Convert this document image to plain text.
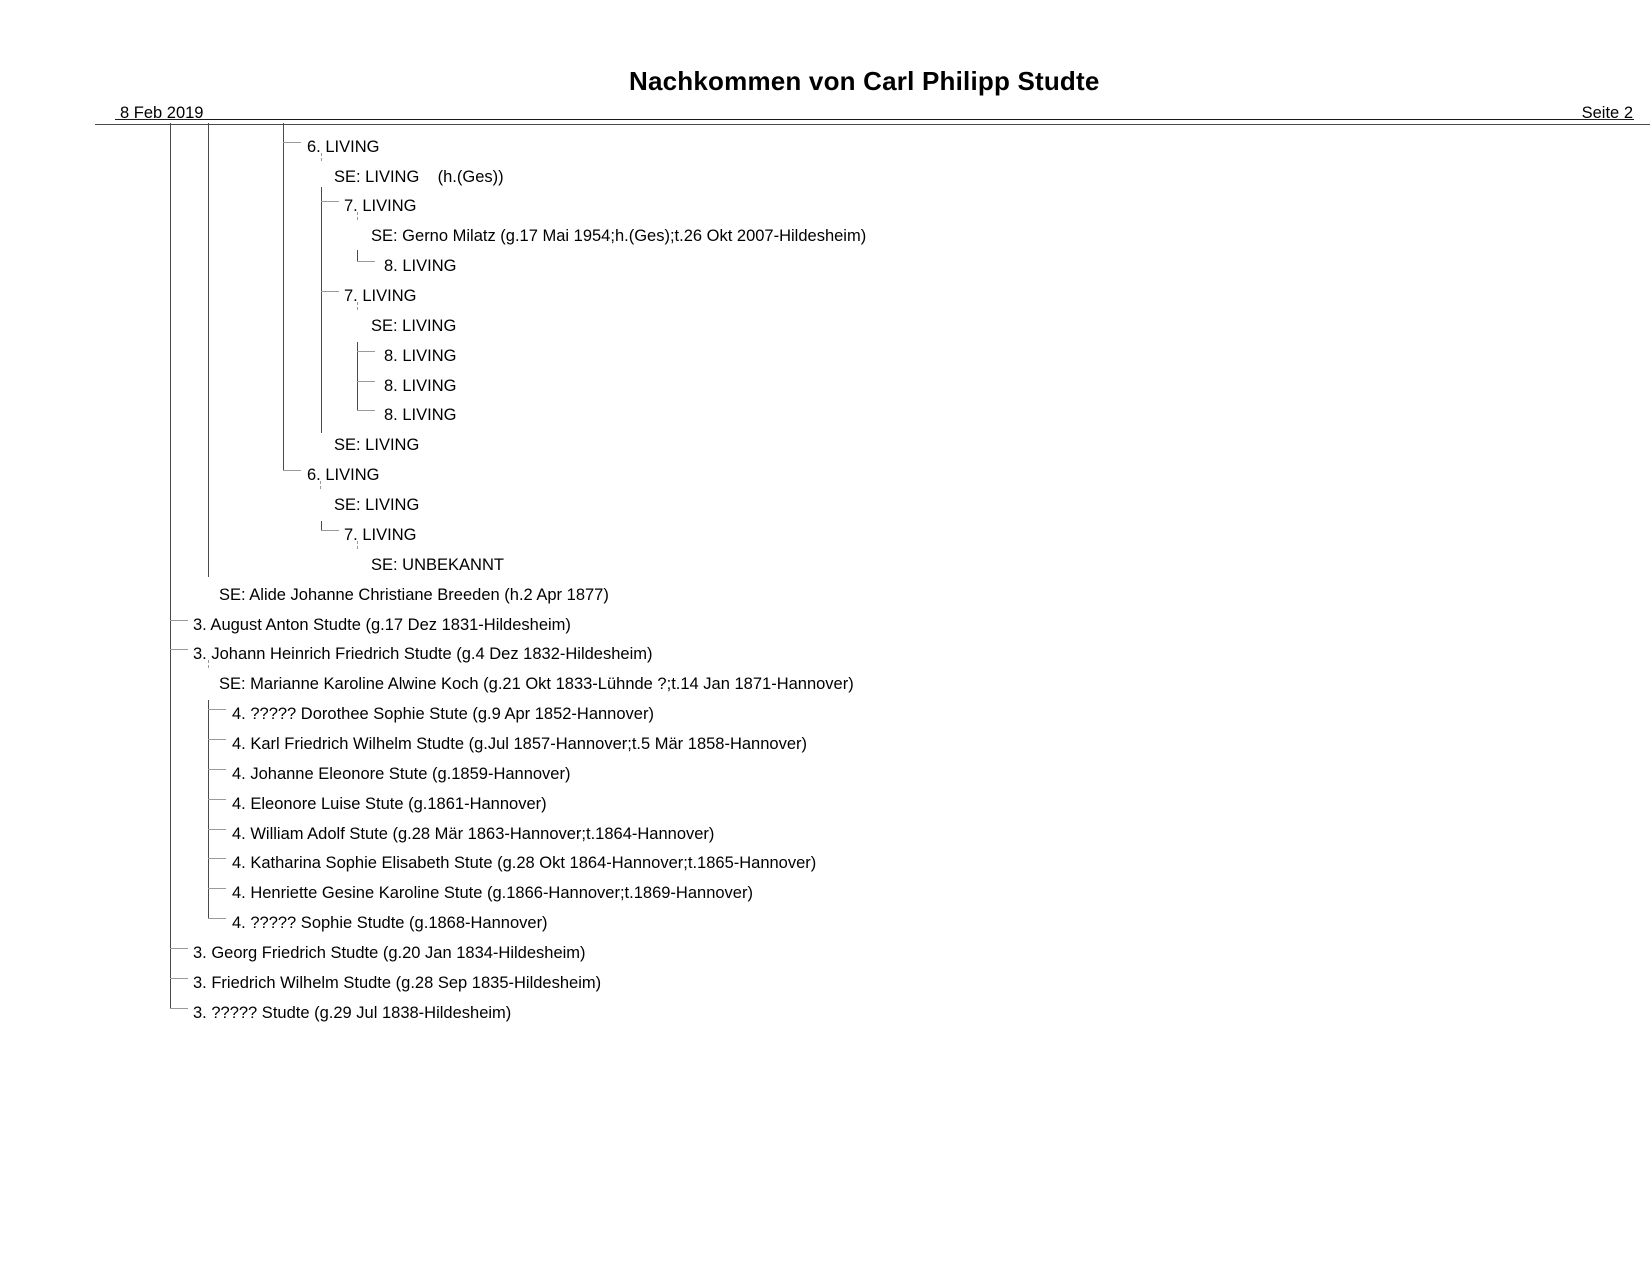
8 Feb 2019
Nachkommen von Carl Philipp Studte
Seite 2
6. LIVING
SE: LIVING    (h.(Ges))
7. LIVING
SE: Gerno Milatz (g.17 Mai 1954;h.(Ges);t.26 Okt 2007-Hildesheim)
8. LIVING
7. LIVING
SE: LIVING
8. LIVING
8. LIVING
8. LIVING
SE: LIVING
6. LIVING
SE: LIVING
7. LIVING
SE: UNBEKANNT
SE: Alide Johanne Christiane Breeden (h.2 Apr 1877)
3. August Anton Studte (g.17 Dez 1831-Hildesheim)
3. Johann Heinrich Friedrich Studte (g.4 Dez 1832-Hildesheim)
SE: Marianne Karoline Alwine Koch (g.21 Okt 1833-Lühnde ?;t.14 Jan 1871-Hannover)
4. ????? Dorothee Sophie Stute (g.9 Apr 1852-Hannover)
4. Karl Friedrich Wilhelm Studte (g.Jul 1857-Hannover;t.5 Mär 1858-Hannover)
4. Johanne Eleonore Stute (g.1859-Hannover)
4. Eleonore Luise Stute (g.1861-Hannover)
4. William Adolf Stute (g.28 Mär 1863-Hannover;t.1864-Hannover)
4. Katharina Sophie Elisabeth Stute (g.28 Okt 1864-Hannover;t.1865-Hannover)
4. Henriette Gesine Karoline Stute (g.1866-Hannover;t.1869-Hannover)
4. ????? Sophie Studte (g.1868-Hannover)
3. Georg Friedrich Studte (g.20 Jan 1834-Hildesheim)
3. Friedrich Wilhelm Studte (g.28 Sep 1835-Hildesheim)
3. ????? Studte (g.29 Jul 1838-Hildesheim)
